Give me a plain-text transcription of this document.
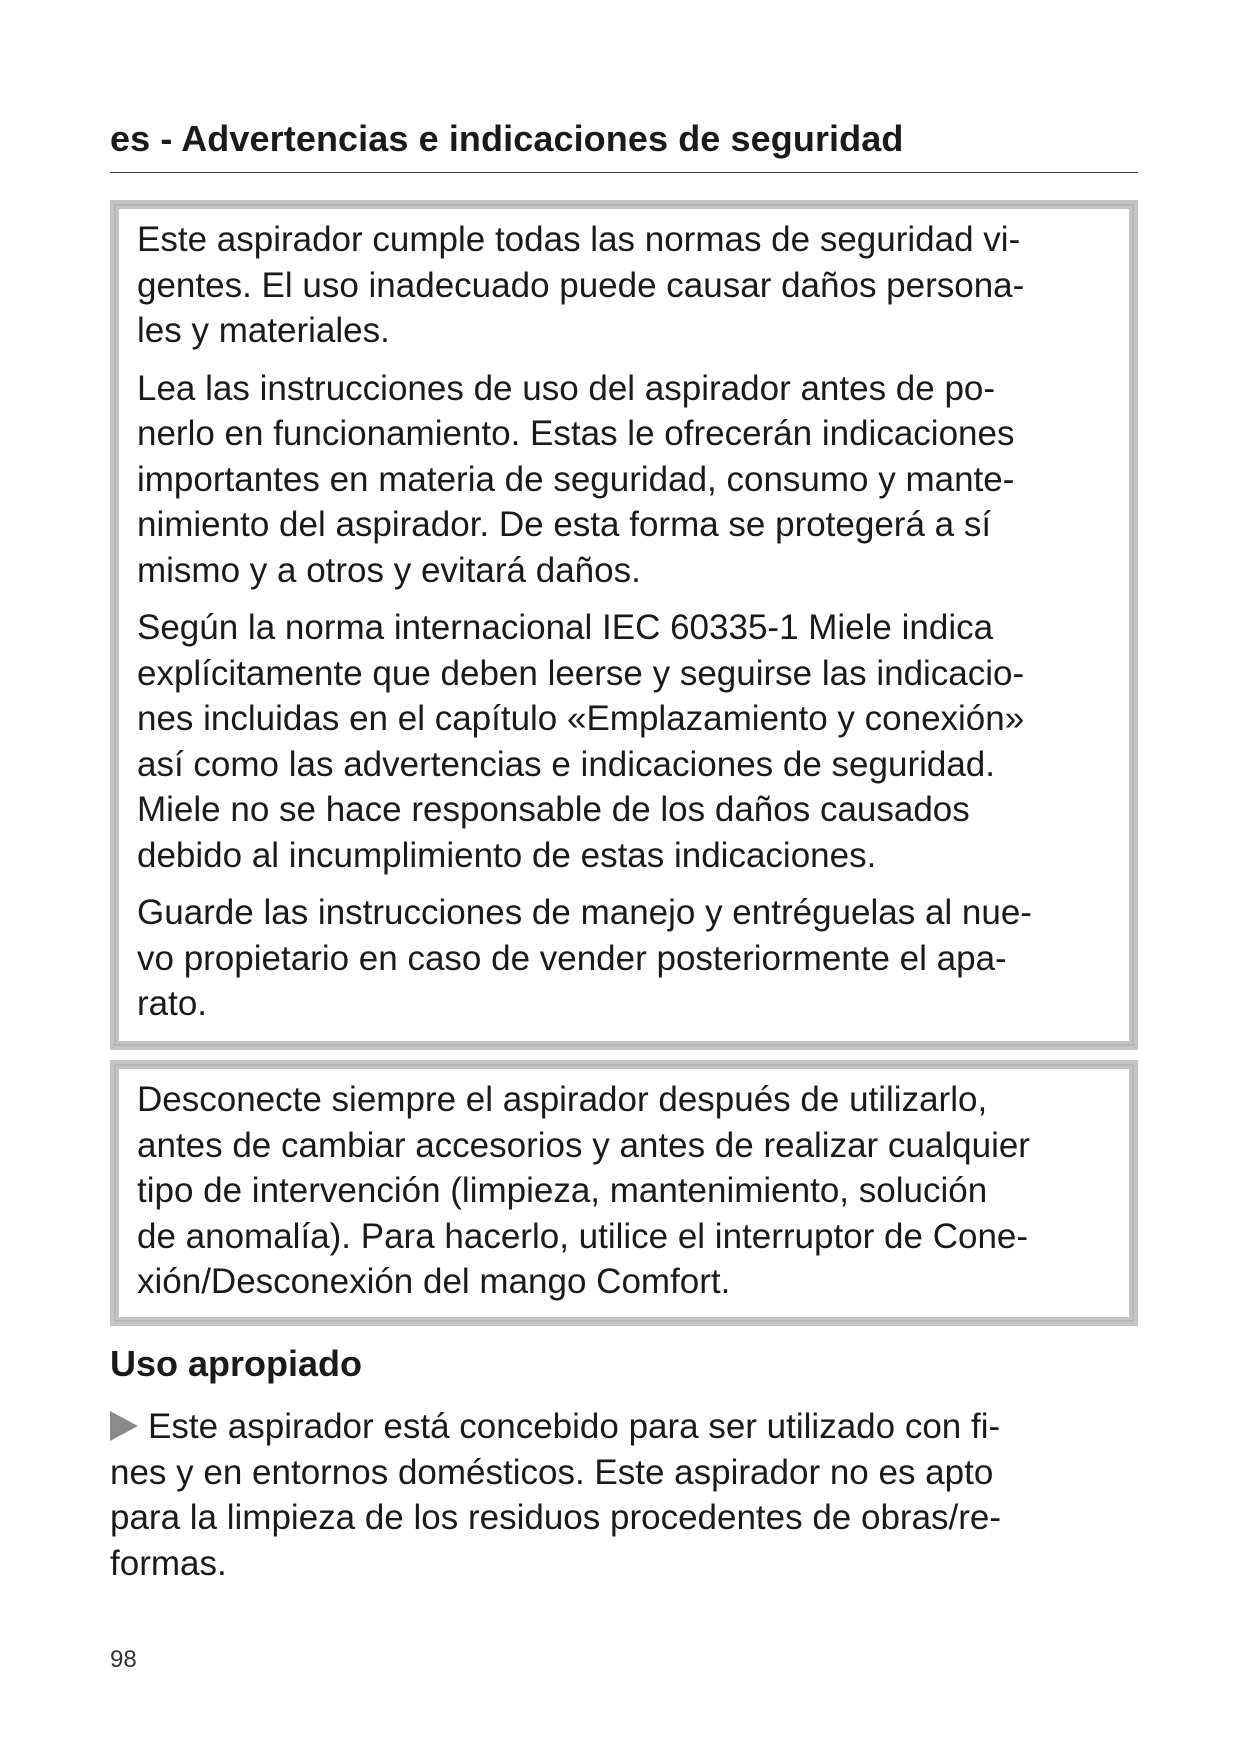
es - Advertencias e indicaciones de seguridad

Este aspirador cumple todas las normas de seguridad vi-
gentes. El uso inadecuado puede causar daños persona-
les y materiales.

Lea las instrucciones de uso del aspirador antes de po-
nerlo en funcionamiento. Estas le ofrecerán indicaciones
importantes en materia de seguridad, consumo y mante-
nimiento del aspirador. De esta forma se protegerá a sí
mismo y a otros y evitará daños.

Según la norma internacional IEC 60335-1 Miele indica
explícitamente que deben leerse y seguirse las indicacio-
nes incluidas en el capítulo «Emplazamiento y conexión»
así como las advertencias e indicaciones de seguridad.
Miele no se hace responsable de los daños causados
debido al incumplimiento de estas indicaciones.

Guarde las instrucciones de manejo y entréguelas al nue-
vo propietario en caso de vender posteriormente el apa-
rato.

Desconecte siempre el aspirador después de utilizarlo,
antes de cambiar accesorios y antes de realizar cualquier
tipo de intervención (limpieza, mantenimiento, solución
de anomalía). Para hacerlo, utilice el interruptor de Cone-
xión/Desconexión del mango Comfort.

Uso apropiado
Este aspirador está concebido para ser utilizado con fi-
nes y en entornos domésticos. Este aspirador no es apto
para la limpieza de los residuos procedentes de obras/re-
formas.
98
